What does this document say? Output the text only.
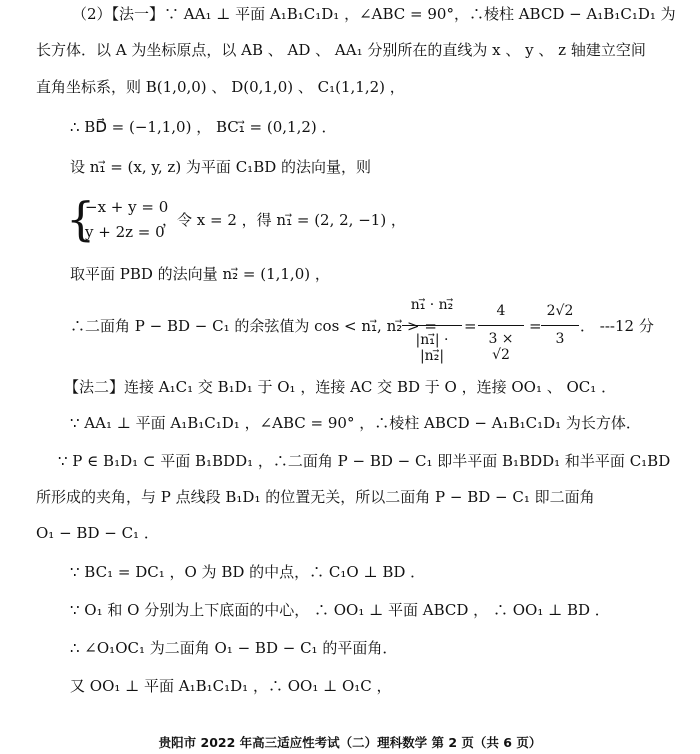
（2）【法一】∵ AA₁ ⊥ 平面 A₁B₁C₁D₁ ，∠ABC = 90°，∴棱柱 ABCD − A₁B₁C₁D₁ 为
长方体．以 A 为坐标原点，以 AB 、 AD 、 AA₁ 分别所在的直线为 x 、 y 、 z 轴建立空间
直角坐标系，则 B(1,0,0) 、 D(0,1,0) 、 C₁(1,1,2) ，
∴ BD⃗ = (−1,1,0) ， BC₁⃗ = (0,1,2) ．
设 n₁⃗ = (x, y, z) 为平面 C₁BD 的法向量，则
{
−x + y = 0
y + 2z = 0
，令 x = 2 ，得 n₁⃗ = (2, 2, −1) ，
取平面 PBD 的法向量 n₂⃗ = (1,1,0) ，
∴二面角 P − BD − C₁ 的余弦值为 cos < n₁⃗, n₂⃗ > =
n₁⃗ · n₂⃗
|n₁⃗| · |n₂⃗|
=
4
3 × √2
=
2√2
3
． ---12 分
【法二】连接 A₁C₁ 交 B₁D₁ 于 O₁ ，连接 AC 交 BD 于 O ，连接 OO₁ 、 OC₁ ．
∵ AA₁ ⊥ 平面 A₁B₁C₁D₁ ，∠ABC = 90° ，∴棱柱 ABCD − A₁B₁C₁D₁ 为长方体．
∵ P ∈ B₁D₁ ⊂ 平面 B₁BDD₁ ，∴二面角 P − BD − C₁ 即半平面 B₁BDD₁ 和半平面 C₁BD
所形成的夹角，与 P 点线段 B₁D₁ 的位置无关，所以二面角 P − BD − C₁ 即二面角
O₁ − BD − C₁ ．
∵ BC₁ = DC₁ ，O 为 BD 的中点，∴ C₁O ⊥ BD ．
∵ O₁ 和 O 分别为上下底面的中心， ∴ OO₁ ⊥ 平面 ABCD ， ∴ OO₁ ⊥ BD ．
∴ ∠O₁OC₁ 为二面角 O₁ − BD − C₁ 的平面角．
又 OO₁ ⊥ 平面 A₁B₁C₁D₁ ，∴ OO₁ ⊥ O₁C ，
贵阳市 2022 年高三适应性考试（二）理科数学 第 2 页（共 6 页）
